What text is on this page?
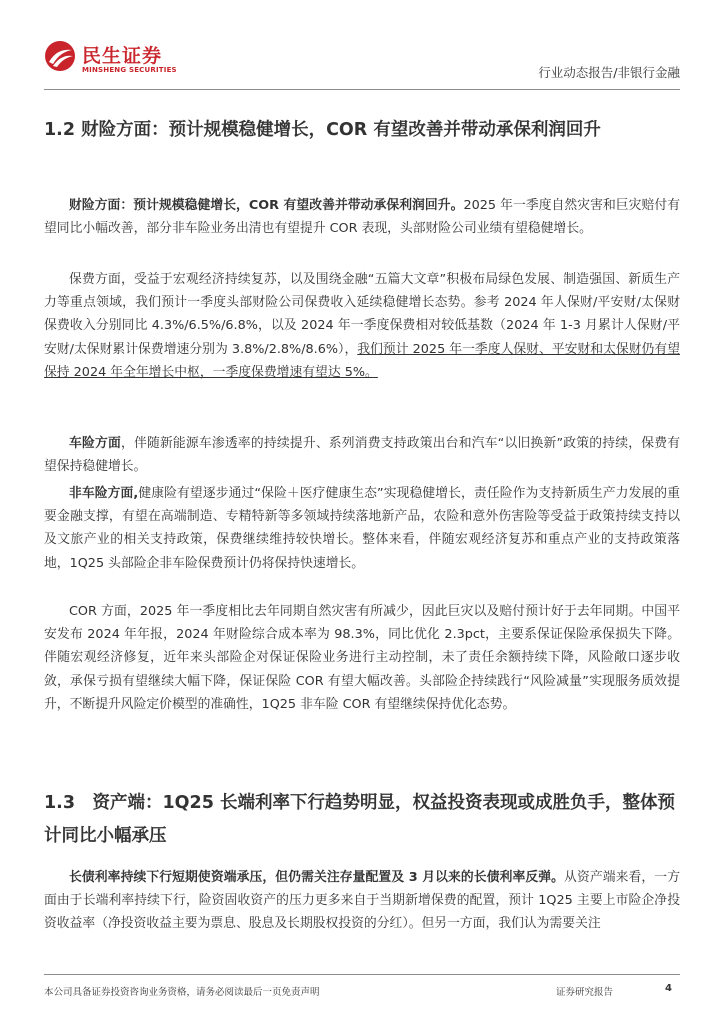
民生证券
MINSHENG SECURITIES	行业动态报告/非银行金融
1.2 财险方面：预计规模稳健增长，COR 有望改善并带动承保利润回升

财险方面：预计规模稳健增长，COR 有望改善并带动承保利润回升。2025 年一季度自然灾害和巨灾赔付有望同比小幅改善，部分非车险业务出清也有望提升 COR 表现，头部财险公司业绩有望稳健增长。

保费方面，受益于宏观经济持续复苏，以及围绕金融“五篇大文章”积极布局绿色发展、制造强国、新质生产力等重点领域，我们预计一季度头部财险公司保费收入延续稳健增长态势。参考 2024 年人保财/平安财/太保财保费收入分别同比 4.3%/6.5%/6.8%，以及 2024 年一季度保费相对较低基数（2024 年 1-3 月累计人保财/平安财/太保财累计保费增速分别为 3.8%/2.8%/8.6%），我们预计 2025 年一季度人保财、平安财和太保财仍有望保持 2024 年全年增长中枢，一季度保费增速有望达 5%。

车险方面，伴随新能源车渗透率的持续提升、系列消费支持政策出台和汽车“以旧换新”政策的持续，保费有望保持稳健增长。

非车险方面,健康险有望逐步通过“保险＋医疗健康生态”实现稳健增长，责任险作为支持新质生产力发展的重要金融支撑，有望在高端制造、专精特新等多领域持续落地新产品，农险和意外伤害险等受益于政策持续支持以及文旅产业的相关支持政策，保费继续维持较快增长。整体来看，伴随宏观经济复苏和重点产业的支持政策落地，1Q25 头部险企非车险保费预计仍将保持快速增长。

COR 方面，2025 年一季度相比去年同期自然灾害有所减少，因此巨灾以及赔付预计好于去年同期。中国平安发布 2024 年年报，2024 年财险综合成本率为 98.3%，同比优化 2.3pct，主要系保证保险承保损失下降。伴随宏观经济修复，近年来头部险企对保证保险业务进行主动控制，未了责任余额持续下降，风险敞口逐步收敛，承保亏损有望继续大幅下降，保证保险 COR 有望大幅改善。头部险企持续践行“风险减量”实现服务质效提升，不断提升风险定价模型的准确性，1Q25 非车险 COR 有望继续保持优化态势。

1.3　资产端：1Q25 长端利率下行趋势明显，权益投资表现或成胜负手，整体预计同比小幅承压

长债利率持续下行短期使资端承压，但仍需关注存量配置及 3 月以来的长债利率反弹。从资产端来看，一方面由于长端利率持续下行，险资固收资产的压力更多来自于当期新增保费的配置，预计 1Q25 主要上市险企净投资收益率（净投资收益主要为票息、股息及长期股权投资的分红）。但另一方面，我们认为需要关注

本公司具备证券投资咨询业务资格，请务必阅读最后一页免责声明	证券研究报告	4
